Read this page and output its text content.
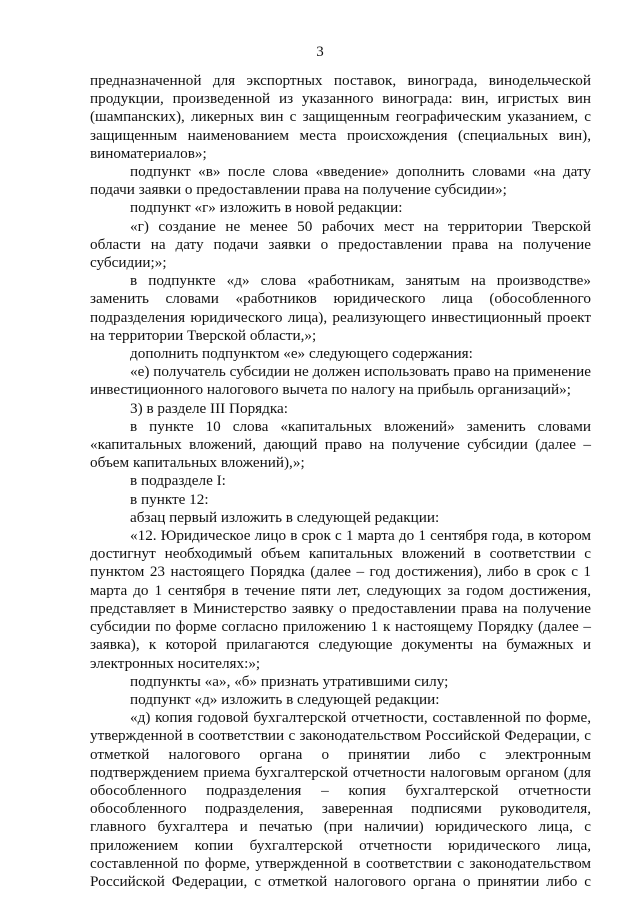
3

предназначенной для экспортных поставок, винограда, винодельческой продукции, произведенной из указанного винограда: вин, игристых вин (шампанских), ликерных вин с защищенным географическим указанием, с защищенным наименованием места происхождения (специальных вин), виноматериалов»;

подпункт «в» после слова «введение» дополнить словами «на дату подачи заявки о предоставлении права на получение субсидии»;

подпункт «г» изложить в новой редакции:

«г) создание не менее 50 рабочих мест на территории Тверской области на дату подачи заявки о предоставлении права на получение субсидии;»;

в подпункте «д» слова «работникам, занятым на производстве» заменить словами «работников юридического лица (обособленного подразделения юридического лица), реализующего инвестиционный проект на территории Тверской области,»;

дополнить подпунктом «е» следующего содержания:

«е) получатель субсидии не должен использовать право на применение инвестиционного налогового вычета по налогу на прибыль организаций»;

3) в разделе III Порядка:

в пункте 10 слова «капитальных вложений» заменить словами «капитальных вложений, дающий право на получение субсидии (далее – объем капитальных вложений),»;

в подразделе I:

в пункте 12:

абзац первый изложить в следующей редакции:

«12. Юридическое лицо в срок с 1 марта до 1 сентября года, в котором достигнут необходимый объем капитальных вложений в соответствии с пунктом 23 настоящего Порядка (далее – год достижения), либо в срок с 1 марта до 1 сентября в течение пяти лет, следующих за годом достижения, представляет в Министерство заявку о предоставлении права на получение субсидии по форме согласно приложению 1 к настоящему Порядку (далее – заявка), к которой прилагаются следующие документы на бумажных и электронных носителях:»;

подпункты «а», «б» признать утратившими силу;

подпункт «д» изложить в следующей редакции:

«д) копия годовой бухгалтерской отчетности, составленной по форме, утвержденной в соответствии с законодательством Российской Федерации, с отметкой налогового органа о принятии либо с электронным подтверждением приема бухгалтерской отчетности налоговым органом (для обособленного подразделения – копия бухгалтерской отчетности обособленного подразделения, заверенная подписями руководителя, главного бухгалтера и печатью (при наличии) юридического лица, с приложением копии бухгалтерской отчетности юридического лица, составленной по форме, утвержденной в соответствии с законодательством Российской Федерации, с отметкой налогового органа о принятии либо с
